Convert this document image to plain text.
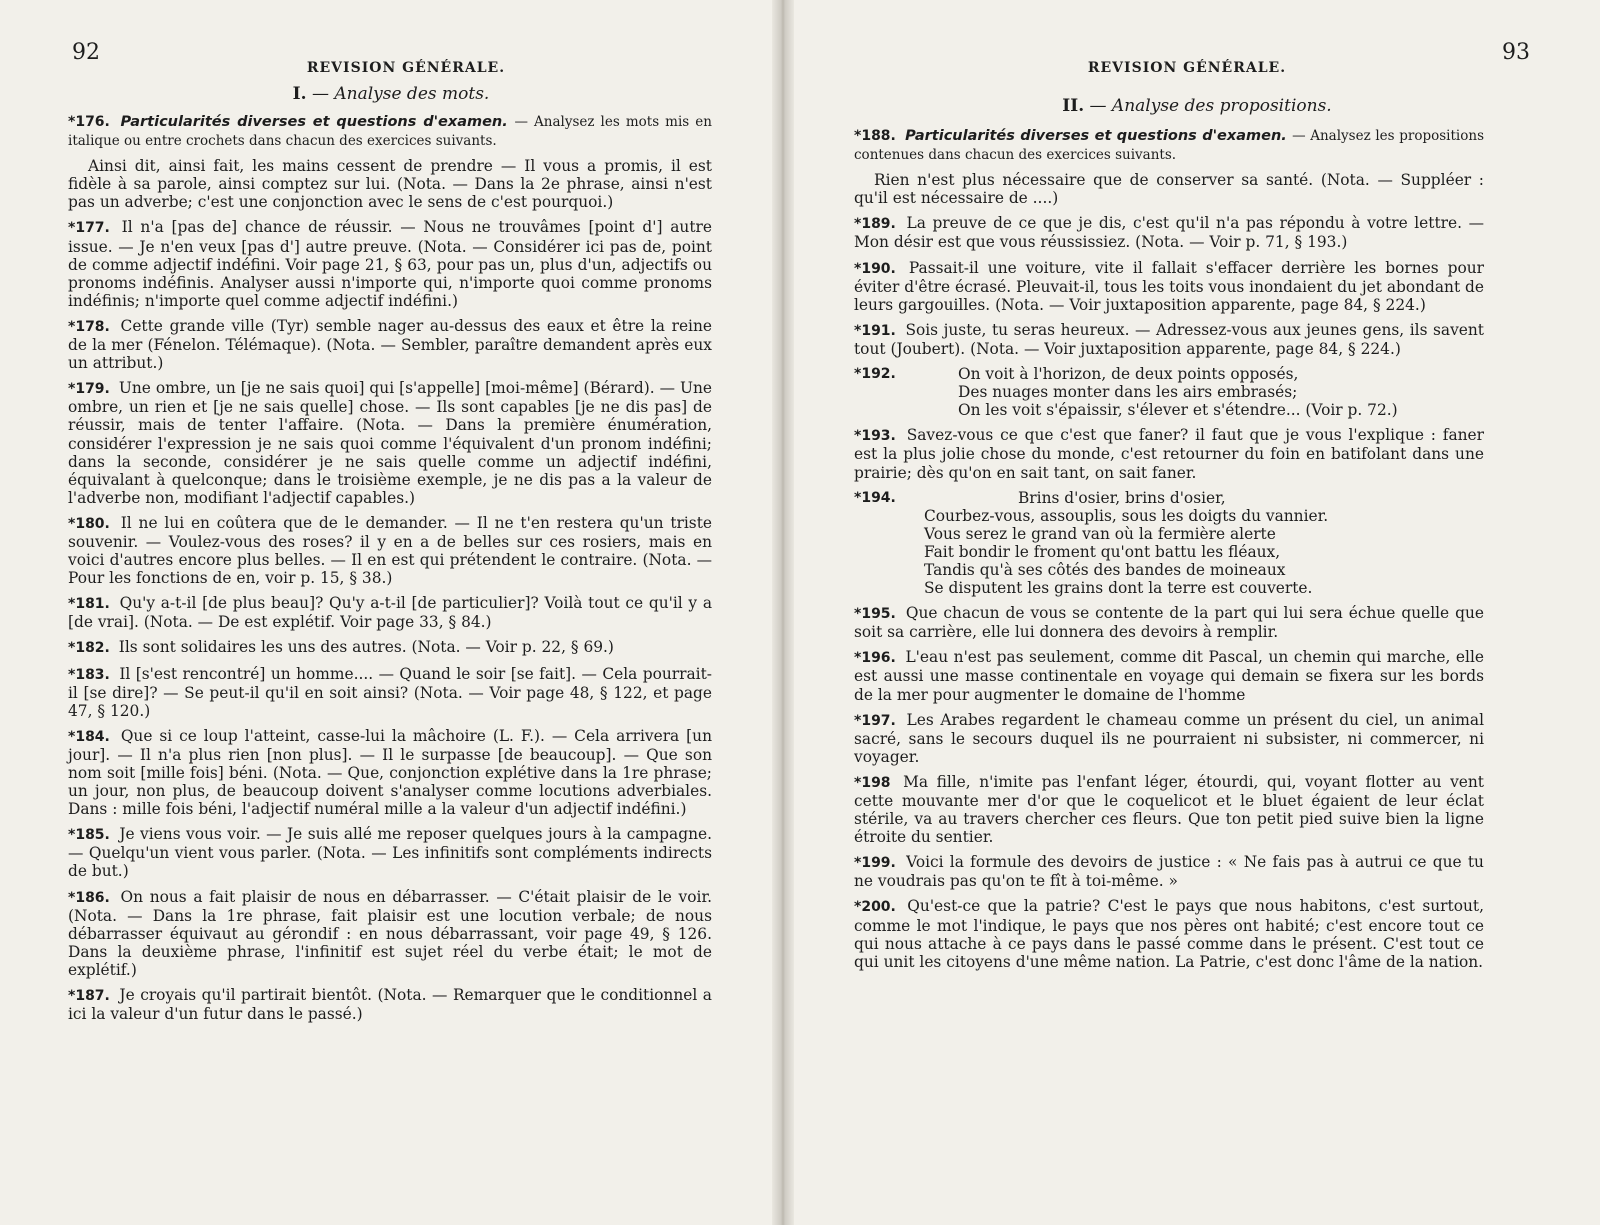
92
REVISION GÉNÉRALE.
I. — Analyse des mots.

*176. Particularités diverses et questions d'examen. — Analysez les mots mis en italique ou entre crochets dans chacun des exercices suivants.

Ainsi dit, ainsi fait, les mains cessent de prendre — Il vous a promis, il est fidèle à sa parole, ainsi comptez sur lui. (Nota. — Dans la 2e phrase, ainsi n'est pas un adverbe; c'est une conjonction avec le sens de c'est pourquoi.)

*177. Il n'a [pas de] chance de réussir. — Nous ne trouvâmes [point d'] autre issue. — Je n'en veux [pas d'] autre preuve. (Nota. — Considérer ici pas de, point de comme adjectif indéfini. Voir page 21, § 63, pour pas un, plus d'un, adjectifs ou pronoms indéfinis. Analyser aussi n'importe qui, n'importe quoi comme pronoms indéfinis; n'importe quel comme adjectif indéfini.)

*178. Cette grande ville (Tyr) semble nager au-dessus des eaux et être la reine de la mer (Fénelon. Télémaque). (Nota. — Sembler, paraître demandent après eux un attribut.)

*179. Une ombre, un [je ne sais quoi] qui [s'appelle] [moi-même] (Bérard). — Une ombre, un rien et [je ne sais quelle] chose. — Ils sont capables [je ne dis pas] de réussir, mais de tenter l'affaire. (Nota. — Dans la première énumération, considérer l'expression je ne sais quoi comme l'équivalent d'un pronom indéfini; dans la seconde, considérer je ne sais quelle comme un adjectif indéfini, équivalant à quelconque; dans le troisième exemple, je ne dis pas a la valeur de l'adverbe non, modifiant l'adjectif capables.)

*180. Il ne lui en coûtera que de le demander. — Il ne t'en restera qu'un triste souvenir. — Voulez-vous des roses? il y en a de belles sur ces rosiers, mais en voici d'autres encore plus belles. — Il en est qui prétendent le contraire. (Nota. — Pour les fonctions de en, voir p. 15, § 38.)

*181. Qu'y a-t-il [de plus beau]? Qu'y a-t-il [de particulier]? Voilà tout ce qu'il y a [de vrai]. (Nota. — De est explétif. Voir page 33, § 84.)

*182. Ils sont solidaires les uns des autres. (Nota. — Voir p. 22, § 69.)

*183. Il [s'est rencontré] un homme.... — Quand le soir [se fait]. — Cela pourrait-il [se dire]? — Se peut-il qu'il en soit ainsi? (Nota. — Voir page 48, § 122, et page 47, § 120.)

*184. Que si ce loup l'atteint, casse-lui la mâchoire (L. F.). — Cela arrivera [un jour]. — Il n'a plus rien [non plus]. — Il le surpasse [de beaucoup]. — Que son nom soit [mille fois] béni. (Nota. — Que, conjonction explétive dans la 1re phrase; un jour, non plus, de beaucoup doivent s'analyser comme locutions adverbiales. Dans : mille fois béni, l'adjectif numéral mille a la valeur d'un adjectif indéfini.)

*185. Je viens vous voir. — Je suis allé me reposer quelques jours à la campagne. — Quelqu'un vient vous parler. (Nota. — Les infinitifs sont compléments indirects de but.)

*186. On nous a fait plaisir de nous en débarrasser. — C'était plaisir de le voir. (Nota. — Dans la 1re phrase, fait plaisir est une locution verbale; de nous débarrasser équivaut au gérondif : en nous débarrassant, voir page 49, § 126. Dans la deuxième phrase, l'infinitif est sujet réel du verbe était; le mot de explétif.)

*187. Je croyais qu'il partirait bientôt. (Nota. — Remarquer que le conditionnel a ici la valeur d'un futur dans le passé.)

93
REVISION GÉNÉRALE.
II. — Analyse des propositions.

*188. Particularités diverses et questions d'examen. — Analysez les propositions contenues dans chacun des exercices suivants.

Rien n'est plus nécessaire que de conserver sa santé. (Nota. — Suppléer : qu'il est nécessaire de ....)

*189. La preuve de ce que je dis, c'est qu'il n'a pas répondu à votre lettre. — Mon désir est que vous réussissiez. (Nota. — Voir p. 71, § 193.)

*190. Passait-il une voiture, vite il fallait s'effacer derrière les bornes pour éviter d'être écrasé. Pleuvait-il, tous les toits vous inondaient du jet abondant de leurs gargouilles. (Nota. — Voir juxtaposition apparente, page 84, § 224.)

*191. Sois juste, tu seras heureux. — Adressez-vous aux jeunes gens, ils savent tout (Joubert). (Nota. — Voir juxtaposition apparente, page 84, § 224.)

*192.	On voit à l'horizon, de deux points opposés,
Des nuages monter dans les airs embrasés;
On les voit s'épaissir, s'élever et s'étendre... (Voir p. 72.)

*193. Savez-vous ce que c'est que faner? il faut que je vous l'explique : faner est la plus jolie chose du monde, c'est retourner du foin en batifolant dans une prairie; dès qu'on en sait tant, on sait faner.

*194.	Brins d'osier, brins d'osier,
Courbez-vous, assouplis, sous les doigts du vannier.
Vous serez le grand van où la fermière alerte
Fait bondir le froment qu'ont battu les fléaux,
Tandis qu'à ses côtés des bandes de moineaux
Se disputent les grains dont la terre est couverte.

*195. Que chacun de vous se contente de la part qui lui sera échue quelle que soit sa carrière, elle lui donnera des devoirs à remplir.

*196. L'eau n'est pas seulement, comme dit Pascal, un chemin qui marche, elle est aussi une masse continentale en voyage qui demain se fixera sur les bords de la mer pour augmenter le domaine de l'homme

*197. Les Arabes regardent le chameau comme un présent du ciel, un animal sacré, sans le secours duquel ils ne pourraient ni subsister, ni commercer, ni voyager.

*198 Ma fille, n'imite pas l'enfant léger, étourdi, qui, voyant flotter au vent cette mouvante mer d'or que le coquelicot et le bluet égaient de leur éclat stérile, va au travers chercher ces fleurs. Que ton petit pied suive bien la ligne étroite du sentier.

*199. Voici la formule des devoirs de justice : « Ne fais pas à autrui ce que tu ne voudrais pas qu'on te fît à toi-même. »

*200. Qu'est-ce que la patrie? C'est le pays que nous habitons, c'est surtout, comme le mot l'indique, le pays que nos pères ont habité; c'est encore tout ce qui nous attache à ce pays dans le passé comme dans le présent. C'est tout ce qui unit les citoyens d'une même nation. La Patrie, c'est donc l'âme de la nation.
